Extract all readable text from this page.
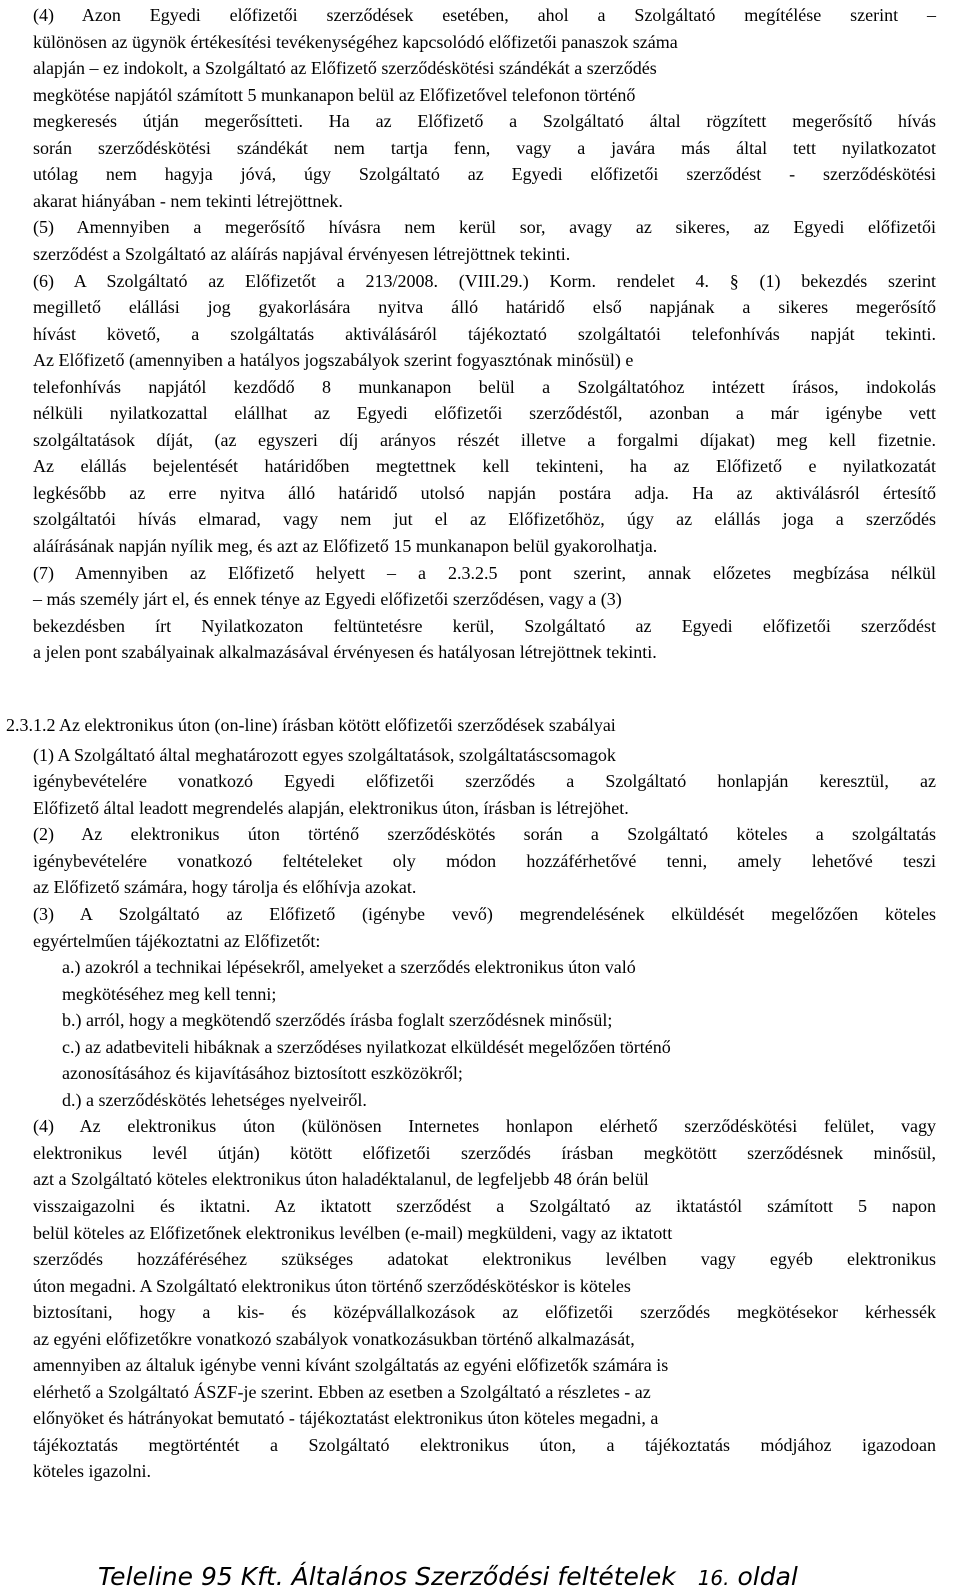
(4) Azon Egyedi előfizetői szerződések esetében, ahol a Szolgáltató megítélése szerint –
különösen az ügynök értékesítési tevékenységéhez kapcsolódó előfizetői panaszok száma
alapján – ez indokolt, a Szolgáltató az Előfizető szerződéskötési szándékát a szerződés
megkötése napjától számított 5 munkanapon belül az Előfizetővel telefonon történő
megkeresés útján megerősítteti. Ha az Előfizető a Szolgáltató által rögzített megerősítő hívás
során szerződéskötési szándékát nem tartja fenn, vagy a javára más által tett nyilatkozatot
utólag nem hagyja jóvá, úgy Szolgáltató az Egyedi előfizetői szerződést - szerződéskötési
akarat hiányában - nem tekinti létrejöttnek.
(5) Amennyiben a megerősítő hívásra nem kerül sor, avagy az sikeres, az Egyedi előfizetői
szerződést a Szolgáltató az aláírás napjával érvényesen létrejöttnek tekinti.
(6) A Szolgáltató az Előfizetőt a 213/2008. (VIII.29.) Korm. rendelet 4. § (1) bekezdés szerint
megillető elállási jog gyakorlására nyitva álló határidő első napjának a sikeres megerősítő
hívást követő, a szolgáltatás aktiválásáról tájékoztató szolgáltatói telefonhívás napját tekinti.
Az Előfizető (amennyiben a hatályos jogszabályok szerint fogyasztónak minősül) e
telefonhívás napjától kezdődő 8 munkanapon belül a Szolgáltatóhoz intézett írásos, indokolás
nélküli nyilatkozattal elállhat az Egyedi előfizetői szerződéstől, azonban a már igénybe vett
szolgáltatások díját, (az egyszeri díj arányos részét illetve a forgalmi díjakat) meg kell fizetnie.
Az elállás bejelentését határidőben megtettnek kell tekinteni, ha az Előfizető e nyilatkozatát
legkésőbb az erre nyitva álló határidő utolsó napján postára adja. Ha az aktiválásról értesítő
szolgáltatói hívás elmarad, vagy nem jut el az Előfizetőhöz, úgy az elállás joga a szerződés
aláírásának napján nyílik meg, és azt az Előfizető 15 munkanapon belül gyakorolhatja.
(7) Amennyiben az Előfizető helyett – a 2.3.2.5 pont szerint, annak előzetes megbízása nélkül
– más személy járt el, és ennek ténye az Egyedi előfizetői szerződésen, vagy a (3)
bekezdésben írt Nyilatkozaton feltüntetésre kerül, Szolgáltató az Egyedi előfizetői szerződést
a jelen pont szabályainak alkalmazásával érvényesen és hatályosan létrejöttnek tekinti.
2.3.1.2 Az elektronikus úton (on-line) írásban kötött előfizetői szerződések szabályai
(1) A Szolgáltató által meghatározott egyes szolgáltatások, szolgáltatáscsomagok
igénybevételére vonatkozó Egyedi előfizetői szerződés a Szolgáltató honlapján keresztül, az
Előfizető által leadott megrendelés alapján, elektronikus úton, írásban is létrejöhet.
(2) Az elektronikus úton történő szerződéskötés során a Szolgáltató köteles a szolgáltatás
igénybevételére vonatkozó feltételeket oly módon hozzáférhetővé tenni, amely lehetővé teszi
az Előfizető számára, hogy tárolja és előhívja azokat.
(3) A Szolgáltató az Előfizető (igénybe vevő) megrendelésének elküldését megelőzően köteles
egyértelműen tájékoztatni az Előfizetőt:
a.) azokról a technikai lépésekről, amelyeket a szerződés elektronikus úton való
megkötéséhez meg kell tenni;
b.) arról, hogy a megkötendő szerződés írásba foglalt szerződésnek minősül;
c.) az adatbeviteli hibáknak a szerződéses nyilatkozat elküldését megelőzően történő
azonosításához és kijavításához biztosított eszközökről;
d.) a szerződéskötés lehetséges nyelveiről.
(4) Az elektronikus úton (különösen Internetes honlapon elérhető szerződéskötési felület, vagy
elektronikus levél útján) kötött előfizetői szerződés írásban megkötött szerződésnek minősül,
azt a Szolgáltató köteles elektronikus úton haladéktalanul, de legfeljebb 48 órán belül
visszaigazolni és iktatni. Az iktatott szerződést a Szolgáltató az iktatástól számított 5 napon
belül köteles az Előfizetőnek elektronikus levélben (e-mail) megküldeni, vagy az iktatott
szerződés hozzáféréséhez szükséges adatokat elektronikus levélben vagy egyéb elektronikus
úton megadni. A Szolgáltató elektronikus úton történő szerződéskötéskor is köteles
biztosítani, hogy a kis- és középvállalkozások az előfizetői szerződés megkötésekor kérhessék
az egyéni előfizetőkre vonatkozó szabályok vonatkozásukban történő alkalmazását,
amennyiben az általuk igénybe venni kívánt szolgáltatás az egyéni előfizetők számára is
elérhető a Szolgáltató ÁSZF-je szerint. Ebben az esetben a Szolgáltató a részletes - az
előnyöket és hátrányokat bemutató - tájékoztatást elektronikus úton köteles megadni, a
tájékoztatás megtörténtét a Szolgáltató elektronikus úton, a tájékoztatás módjához igazodoan
köteles igazolni.
Teleline 95 Kft. Általános Szerződési feltételek 16. oldal
